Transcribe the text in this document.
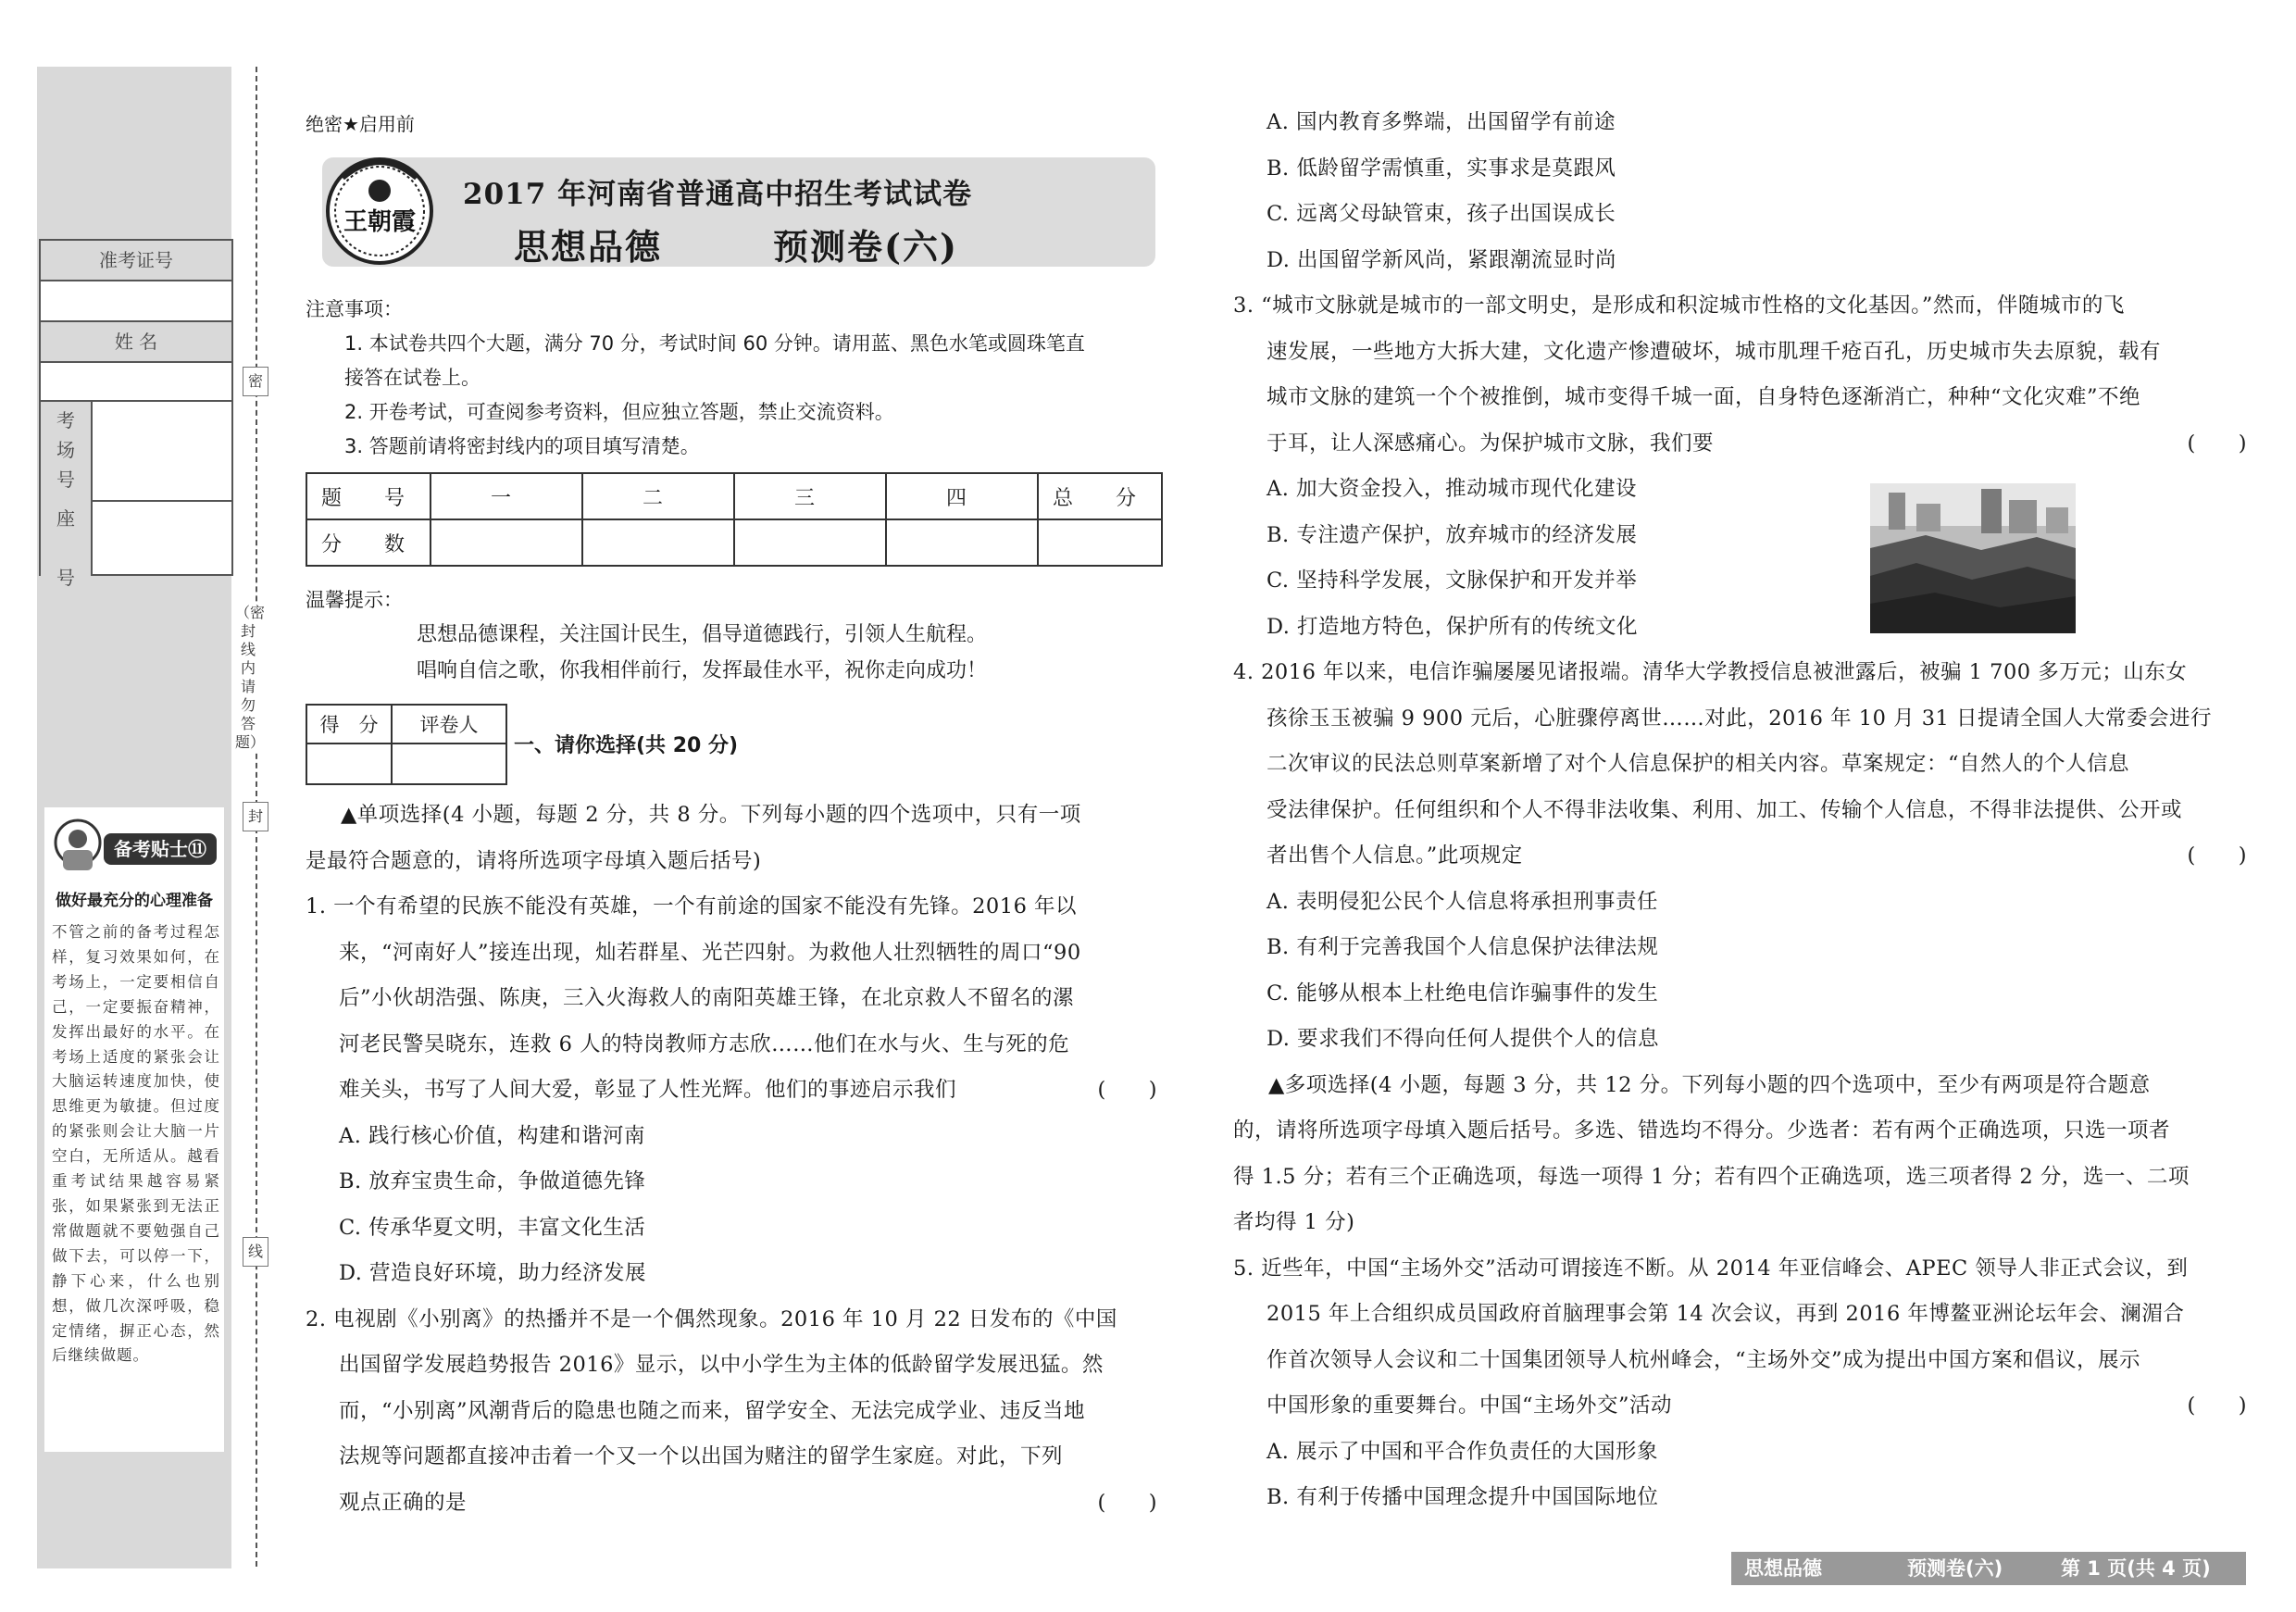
准考证号
姓 名
考
场
号
座

号
备考贴士⑪
做好最充分的心理准备
不管之前的备考过程怎样，复习效果如何，在考场上，一定要相信自己，一定要振奋精神，发挥出最好的水平。在考场上适度的紧张会让大脑运转速度加快，使思维更为敏捷。但过度的紧张则会让大脑一片空白，无所适从。越看重考试结果越容易紧张，如果紧张到无法正常做题就不要勉强自己做下去，可以停一下，静下心来，什么也别想，做几次深呼吸，稳定情绪，摒正心态，然后继续做题。
密
封
线
（密封线内请勿答题）
绝密★启用前
王朝霞
2017 年河南省普通高中招生考试试卷
思想品德　　　预测卷(六)
注意事项：
1. 本试卷共四个大题，满分 70 分，考试时间 60 分钟。请用蓝、黑色水笔或圆珠笔直
接答在试卷上。
2. 开卷考试，可查阅参考资料，但应独立答题，禁止交流资料。
3. 答题前请将密封线内的项目填写清楚。
题　号	一	二	三	四	总　分
分　数					
温馨提示：
思想品德课程，关注国计民生，倡导道德践行，引领人生航程。
唱响自信之歌，你我相伴前行，发挥最佳水平，祝你走向成功！
得　分	评卷人

一、请你选择(共 20 分)
▲单项选择(4 小题，每题 2 分，共 8 分。下列每小题的四个选项中，只有一项
是最符合题意的，请将所选项字母填入题后括号)
1. 一个有希望的民族不能没有英雄，一个有前途的国家不能没有先锋。2016 年以
来，“河南好人”接连出现，灿若群星、光芒四射。为救他人壮烈牺牲的周口“90
后”小伙胡浩强、陈庚，三入火海救人的南阳英雄王锋，在北京救人不留名的漯
河老民警吴晓东，连救 6 人的特岗教师方志欣……他们在水与火、生与死的危
难关头，书写了人间大爱，彰显了人性光辉。他们的事迹启示我们	(　　)
A. 践行核心价值，构建和谐河南
B. 放弃宝贵生命，争做道德先锋
C. 传承华夏文明，丰富文化生活
D. 营造良好环境，助力经济发展
2. 电视剧《小别离》的热播并不是一个偶然现象。2016 年 10 月 22 日发布的《中国
出国留学发展趋势报告 2016》显示，以中小学生为主体的低龄留学发展迅猛。然
而，“小别离”风潮背后的隐患也随之而来，留学安全、无法完成学业、违反当地
法规等问题都直接冲击着一个又一个以出国为赌注的留学生家庭。对此，下列
观点正确的是	(　　)
A. 国内教育多弊端，出国留学有前途
B. 低龄留学需慎重，实事求是莫跟风
C. 远离父母缺管束，孩子出国误成长
D. 出国留学新风尚，紧跟潮流显时尚
3. “城市文脉就是城市的一部文明史，是形成和积淀城市性格的文化基因。”然而，伴随城市的飞
速发展，一些地方大拆大建，文化遗产惨遭破坏，城市肌理千疮百孔，历史城市失去原貌，载有
城市文脉的建筑一个个被推倒，城市变得千城一面，自身特色逐渐消亡，种种“文化灾难”不绝
于耳，让人深感痛心。为保护城市文脉，我们要	(　　)
A. 加大资金投入，推动城市现代化建设
B. 专注遗产保护，放弃城市的经济发展
C. 坚持科学发展，文脉保护和开发并举
D. 打造地方特色，保护所有的传统文化
4. 2016 年以来，电信诈骗屡屡见诸报端。清华大学教授信息被泄露后，被骗 1 700 多万元；山东女
孩徐玉玉被骗 9 900 元后，心脏骤停离世……对此，2016 年 10 月 31 日提请全国人大常委会进行
二次审议的民法总则草案新增了对个人信息保护的相关内容。草案规定：“自然人的个人信息
受法律保护。任何组织和个人不得非法收集、利用、加工、传输个人信息，不得非法提供、公开或
者出售个人信息。”此项规定	(　　)
A. 表明侵犯公民个人信息将承担刑事责任
B. 有利于完善我国个人信息保护法律法规
C. 能够从根本上杜绝电信诈骗事件的发生
D. 要求我们不得向任何人提供个人的信息
▲多项选择(4 小题，每题 3 分，共 12 分。下列每小题的四个选项中，至少有两项是符合题意
的，请将所选项字母填入题后括号。多选、错选均不得分。少选者：若有两个正确选项，只选一项者
得 1.5 分；若有三个正确选项，每选一项得 1 分；若有四个正确选项，选三项者得 2 分，选一、二项
者均得 1 分)
5. 近些年，中国“主场外交”活动可谓接连不断。从 2014 年亚信峰会、APEC 领导人非正式会议，到
2015 年上合组织成员国政府首脑理事会第 14 次会议，再到 2016 年博鳌亚洲论坛年会、澜湄合
作首次领导人会议和二十国集团领导人杭州峰会，“主场外交”成为提出中国方案和倡议，展示
中国形象的重要舞台。中国“主场外交”活动	(　　)
A. 展示了中国和平合作负责任的大国形象
B. 有利于传播中国理念提升中国国际地位
思想品德	预测卷(六)	第 1 页(共 4 页)
